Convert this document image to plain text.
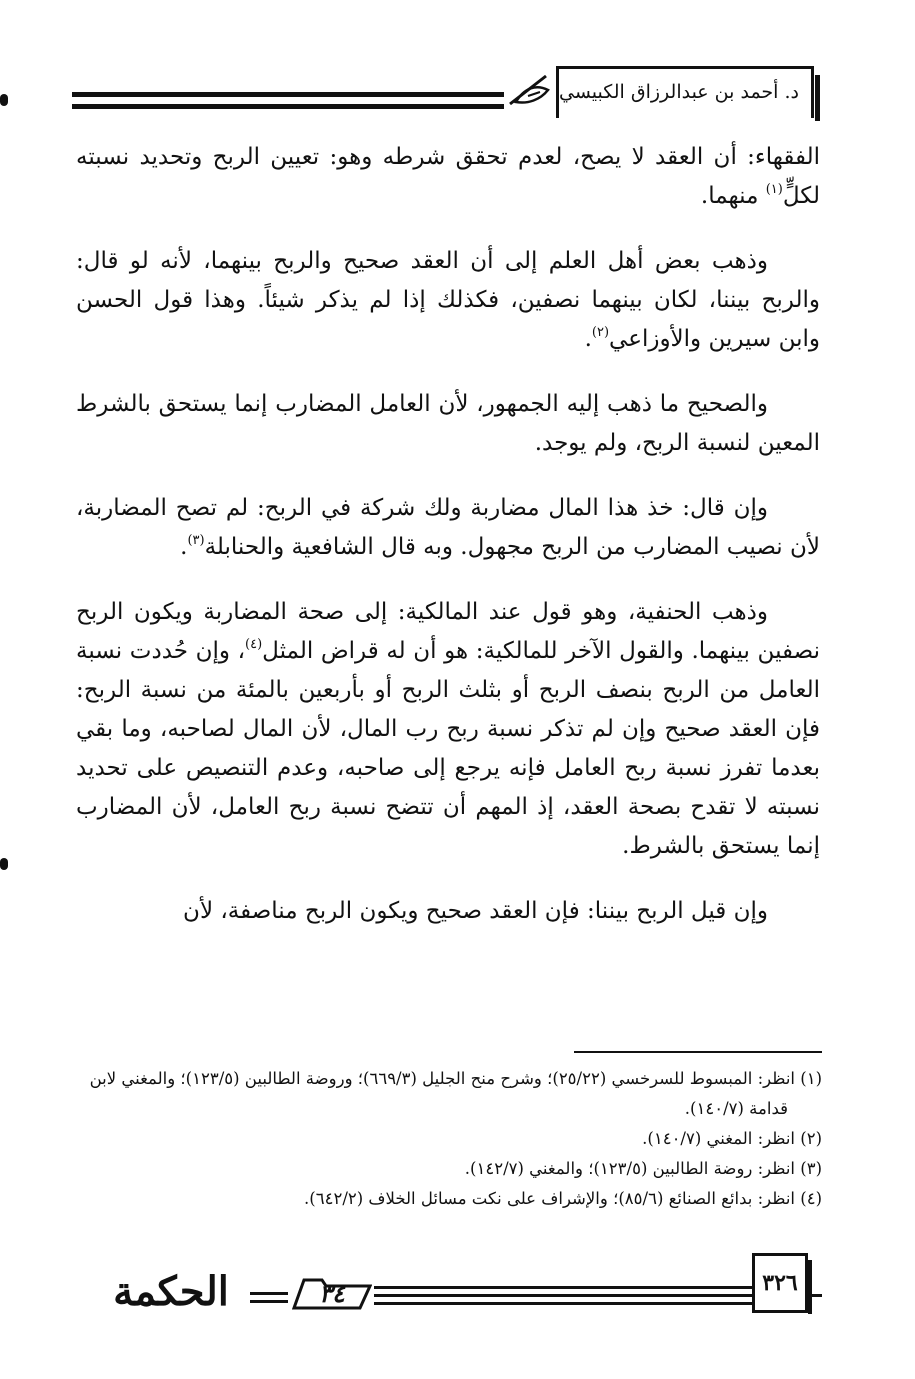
د. أحمد بن عبدالرزاق الكبيسي

الفقهاء: أن العقد لا يصح، لعدم تحقق شرطه وهو: تعيين الربح وتحديد نسبته لكلٍّ$^{(١)}$ منهما.

وذهب بعض أهل العلم إلى أن العقد صحيح والربح بينهما، لأنه لو قال: والربح بيننا، لكان بينهما نصفين، فكذلك إذا لم يذكر شيئاً. وهذا قول الحسن وابن سيرين والأوزاعي$^{(٢)}$.

والصحيح ما ذهب إليه الجمهور، لأن العامل المضارب إنما يستحق بالشرط المعين لنسبة الربح، ولم يوجد.

وإن قال: خذ هذا المال مضاربة ولك شركة في الربح: لم تصح المضاربة، لأن نصيب المضارب من الربح مجهول. وبه قال الشافعية والحنابلة$^{(٣)}$.

وذهب الحنفية، وهو قول عند المالكية: إلى صحة المضاربة ويكون الربح نصفين بينهما. والقول الآخر للمالكية: هو أن له قراض المثل$^{(٤)}$، وإن حُددت نسبة العامل من الربح بنصف الربح أو بثلث الربح أو بأربعين بالمئة من نسبة الربح: فإن العقد صحيح وإن لم تذكر نسبة ربح رب المال، لأن المال لصاحبه، وما بقي بعدما تفرز نسبة ربح العامل فإنه يرجع إلى صاحبه، وعدم التنصيص على تحديد نسبته لا تقدح بصحة العقد، إذ المهم أن تتضح نسبة ربح العامل، لأن المضارب إنما يستحق بالشرط.

وإن قيل الربح بيننا: فإن العقد صحيح ويكون الربح مناصفة، لأن

(١) انظر: المبسوط للسرخسي (٢٥/٢٢)؛ وشرح منح الجليل (٦٦٩/٣)؛ وروضة الطالبين (١٢٣/٥)؛ والمغني لابن قدامة (١٤٠/٧).
(٢) انظر: المغني (١٤٠/٧).
(٣) انظر: روضة الطالبين (١٢٣/٥)؛ والمغني (١٤٢/٧).
(٤) انظر: بدائع الصنائع (٨٥/٦)؛ والإشراف على نكت مسائل الخلاف (٦٤٢/٢).
٣٢٦
٣٤
الحكمة
